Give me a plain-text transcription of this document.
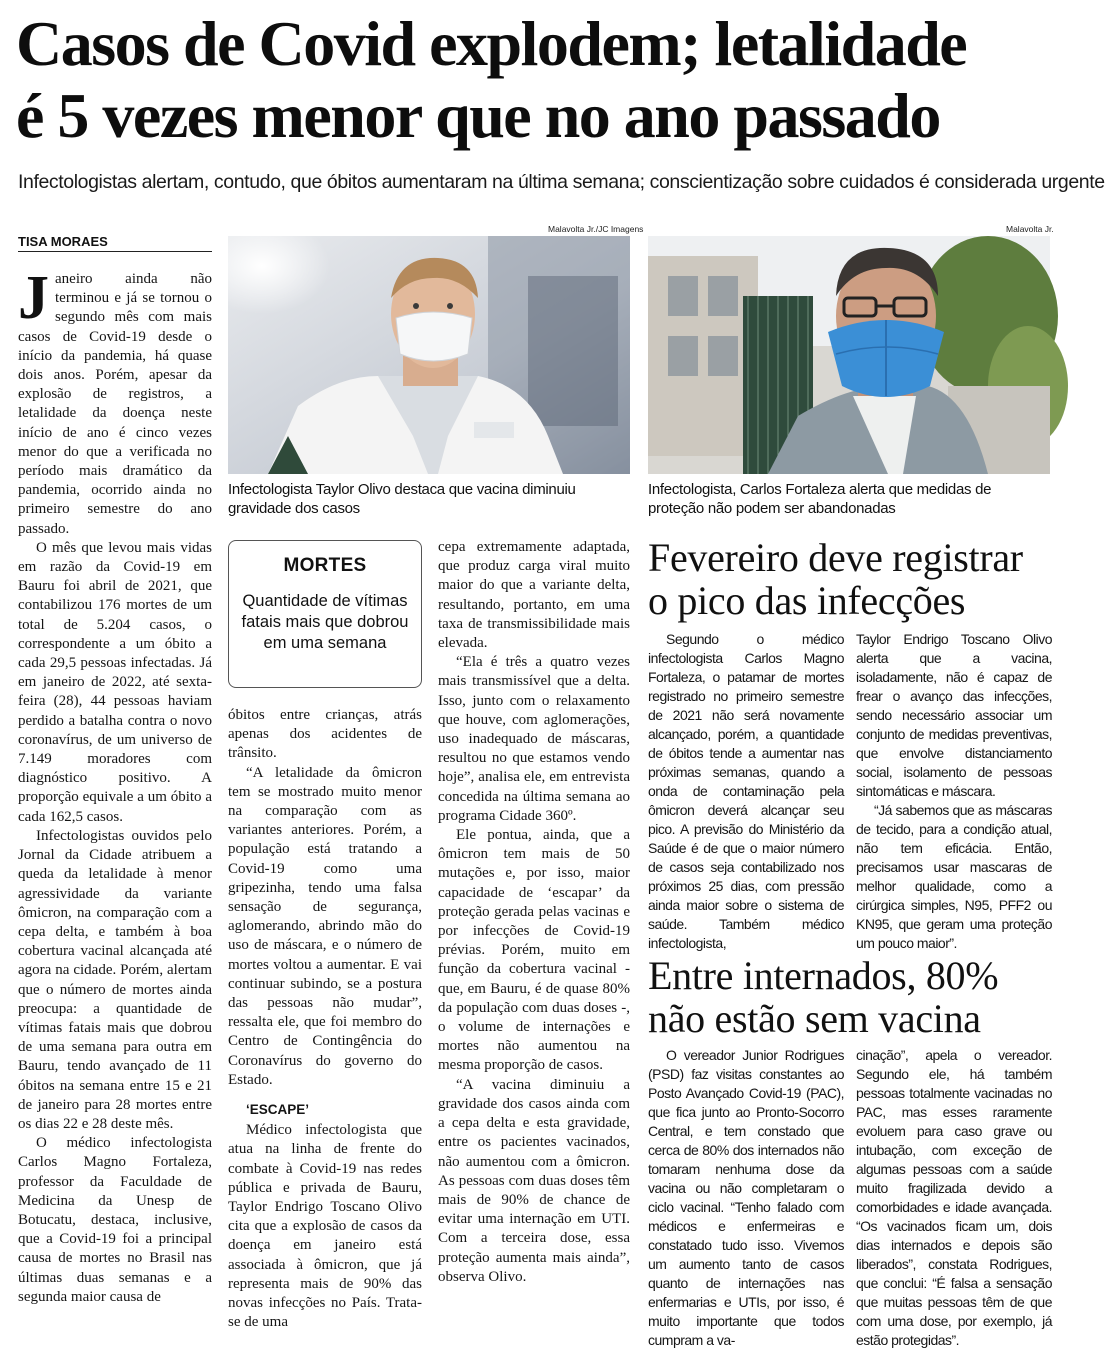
Casos de Covid explodem; letalidade
é 5 vezes menor que no ano passado
Infectologistas alertam, contudo, que óbitos aumentaram na última semana; conscientização sobre cuidados é considerada urgente
TISA MORAES
Malavolta Jr./JC Imagens	Malavolta Jr.
Infectologista Taylor Olivo destaca que vacina diminuiu gravidade dos casos
Infectologista, Carlos Fortaleza alerta que medidas de proteção não podem ser abandonadas

Janeiro ainda não terminou e já se tornou o segundo mês com mais casos de Covid-19 desde o início da pandemia, há quase dois anos. Porém, apesar da explosão de registros, a letalidade da doença neste início de ano é cinco vezes menor do que a verificada no período mais dramático da pandemia, ocorrido ainda no primeiro semestre do ano passado.

O mês que levou mais vidas em razão da Covid-19 em Bauru foi abril de 2021, que contabilizou 176 mortes de um total de 5.204 casos, o correspondente a um óbito a cada 29,5 pessoas infectadas. Já em janeiro de 2022, até sexta-feira (28), 44 pessoas haviam perdido a batalha contra o novo coronavírus, de um universo de 7.149 moradores com diagnóstico positivo. A proporção equivale a um óbito a cada 162,5 casos.

Infectologistas ouvidos pelo Jornal da Cidade atribuem a queda da letalidade à menor agressividade da variante ômicron, na comparação com a cepa delta, e também à boa cobertura vacinal alcançada até agora na cidade. Porém, alertam que o número de mortes ainda preocupa: a quantidade de vítimas fatais mais que dobrou de uma semana para outra em Bauru, tendo avançado de 11 óbitos na semana entre 15 e 21 de janeiro para 28 mortes entre os dias 22 e 28 deste mês.

O médico infectologista Carlos Magno Fortaleza, professor da Faculdade de Medicina da Unesp de Botucatu, destaca, inclusive, que a Covid-19 foi a principal causa de mortes no Brasil nas últimas duas semanas e a segunda maior causa de

MORTES
Quantidade de vítimas fatais mais que dobrou em uma semana

óbitos entre crianças, atrás apenas dos acidentes de trânsito.

“A letalidade da ômicron tem se mostrado muito menor na comparação com as variantes anteriores. Porém, a população está tratando a Covid-19 como uma gripezinha, tendo uma falsa sensação de segurança, aglomerando, abrindo mão do uso de máscara, e o número de mortes voltou a aumentar. E vai continuar subindo, se a postura das pessoas não mudar”, ressalta ele, que foi membro do Centro de Contingência do Coronavírus do governo do Estado.

‘ESCAPE’

Médico infectologista que atua na linha de frente do combate à Covid-19 nas redes pública e privada de Bauru, Taylor Endrigo Toscano Olivo cita que a explosão de casos da doença em janeiro está associada à ômicron, que já representa mais de 90% das novas infecções no País. Trata-se de uma

cepa extremamente adaptada, que produz carga viral muito maior do que a variante delta, resultando, portanto, em uma taxa de transmissibilidade mais elevada.

“Ela é três a quatro vezes mais transmissível que a delta. Isso, junto com o relaxamento que houve, com aglomerações, uso inadequado de máscaras, resultou no que estamos vendo hoje”, analisa ele, em entrevista concedida na última semana ao programa Cidade 360º.

Ele pontua, ainda, que a ômicron tem mais de 50 mutações e, por isso, maior capacidade de ‘escapar’ da proteção gerada pelas vacinas e por infecções de Covid-19 prévias. Porém, muito em função da cobertura vacinal - que, em Bauru, é de quase 80% da população com duas doses -, o volume de internações e mortes não aumentou na mesma proporção de casos.

“A vacina diminuiu a gravidade dos casos ainda com a cepa delta e esta gravidade, entre os pacientes vacinados, não aumentou com a ômicron. As pessoas com duas doses têm mais de 90% de chance de evitar uma internação em UTI. Com a terceira dose, essa proteção aumenta mais ainda”, observa Olivo.

Fevereiro deve registrar o pico das infecções

Segundo o médico infectologista Carlos Magno Fortaleza, o patamar de mortes registrado no primeiro semestre de 2021 não será novamente alcançado, porém, a quantidade de óbitos tende a aumentar nas próximas semanas, quando a onda de contaminação pela ômicron deverá alcançar seu pico. A previsão do Ministério da Saúde é de que o maior número de casos seja contabilizado nos próximos 25 dias, com pressão ainda maior sobre o sistema de saúde. Também médico infectologista,

Taylor Endrigo Toscano Olivo alerta que a vacina, isoladamente, não é capaz de frear o avanço das infecções, sendo necessário associar um conjunto de medidas preventivas, que envolve distanciamento social, isolamento de pessoas sintomáticas e máscara.

“Já sabemos que as máscaras de tecido, para a condição atual, não tem eficácia. Então, precisamos usar mascaras de melhor qualidade, como a cirúrgica simples, N95, PFF2 ou KN95, que geram uma proteção um pouco maior”.

Entre internados, 80% não estão sem vacina

O vereador Junior Rodrigues (PSD) faz visitas constantes ao Posto Avançado Covid-19 (PAC), que fica junto ao Pronto-Socorro Central, e tem constado que cerca de 80% dos internados não tomaram nenhuma dose da vacina ou não completaram o ciclo vacinal. “Tenho falado com médicos e enfermeiras e constatado tudo isso. Vivemos um aumento tanto de casos quanto de internações nas enfermarias e UTIs, por isso, é muito importante que todos cumpram a va-

cinação”, apela o vereador. Segundo ele, há também pessoas totalmente vacinadas no PAC, mas esses raramente evoluem para caso grave ou intubação, com exceção de algumas pessoas com a saúde muito fragilizada devido a comorbidades e idade avançada. “Os vacinados ficam um, dois dias internados e depois são liberados”, constata Rodrigues, que conclui: “É falsa a sensação que muitas pessoas têm de que com uma dose, por exemplo, já estão protegidas”.
